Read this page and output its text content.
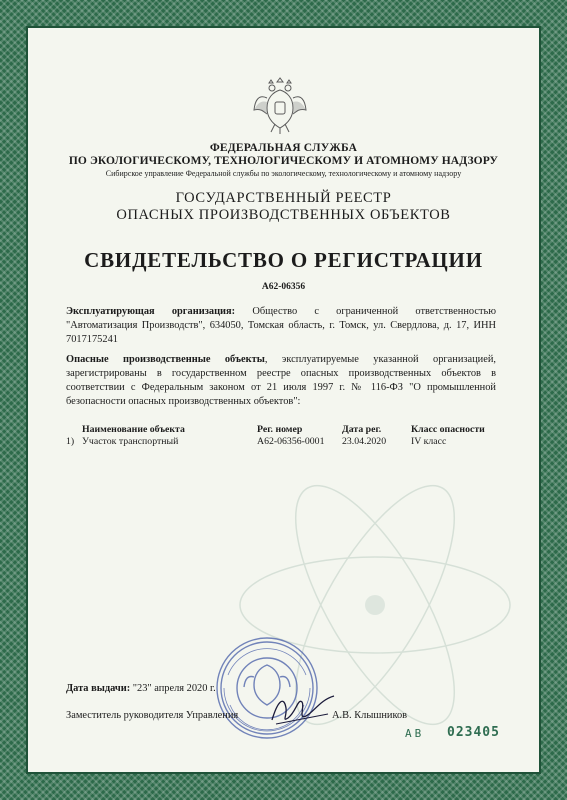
ФЕДЕРАЛЬНАЯ СЛУЖБА
ПО ЭКОЛОГИЧЕСКОМУ, ТЕХНОЛОГИЧЕСКОМУ И АТОМНОМУ НАДЗОРУ
Сибирское управление Федеральной службы по экологическому, технологическому и атомному надзору
ГОСУДАРСТВЕННЫЙ РЕЕСТР
ОПАСНЫХ ПРОИЗВОДСТВЕННЫХ ОБЪЕКТОВ
СВИДЕТЕЛЬСТВО О РЕГИСТРАЦИИ
А62-06356
Эксплуатирующая организация: Общество с ограниченной ответственностью "Автоматизация Производств", 634050, Томская область, г. Томск, ул. Свердлова, д. 17, ИНН 7017175241
Опасные производственные объекты, эксплуатируемые указанной организацией, зарегистрированы в государственном реестре опасных производственных объектов в соответствии с Федеральным законом от 21 июля 1997 г. № 116-ФЗ "О промышленной безопасности опасных производственных объектов":
Наименование объекта	Рег. номер	Дата рег.	Класс опасности
1) Участок транспортный	А62-06356-0001 23.04.2020	IV класс
Дата выдачи: "23" апреля 2020 г.
Заместитель руководителя Управления	А.В. Клышников
АВ 023405
